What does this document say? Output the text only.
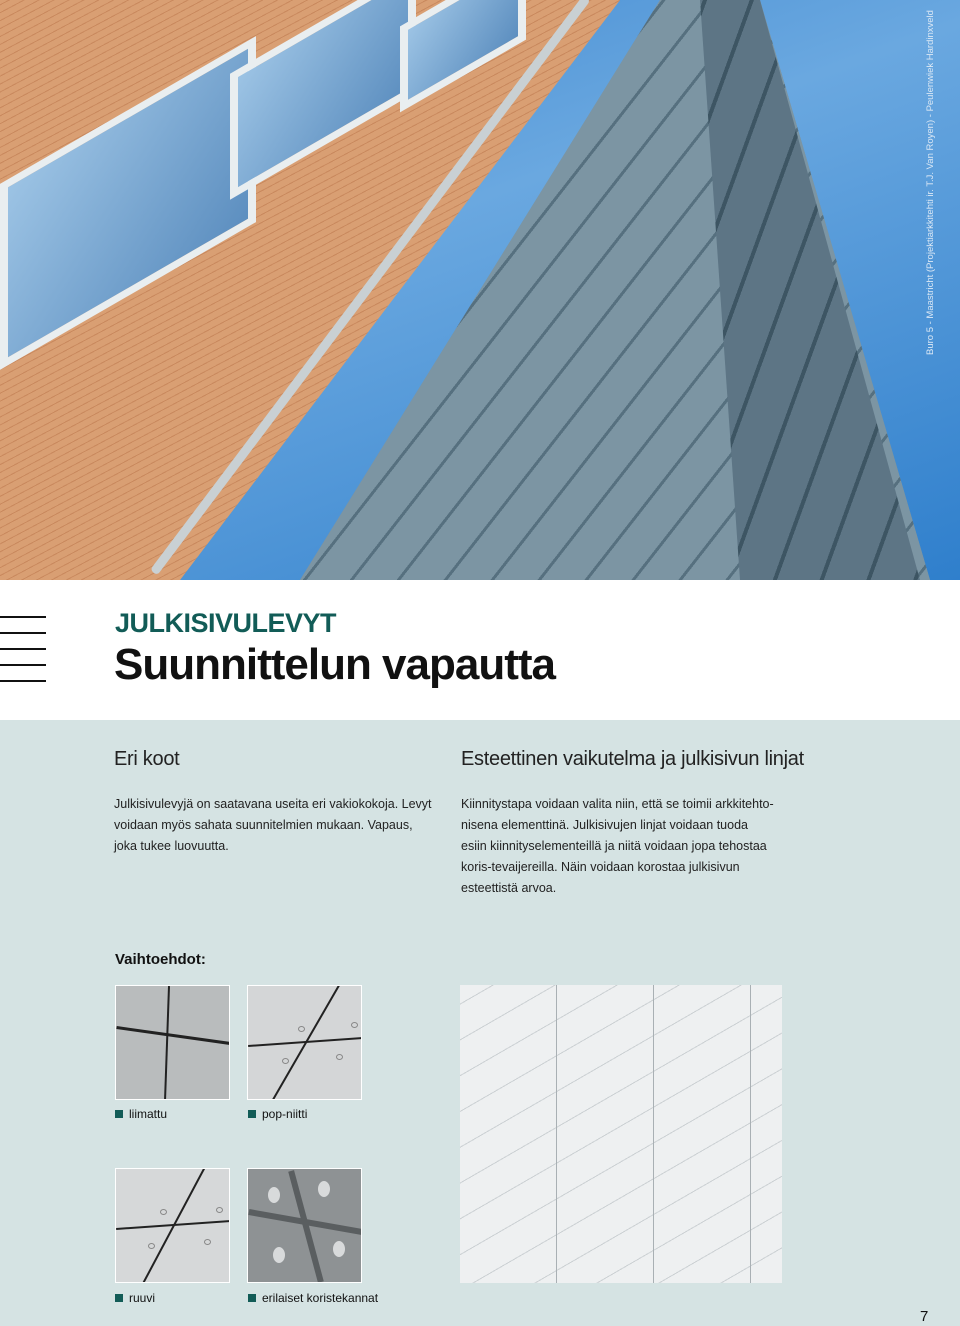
Buro 5 - Maastricht (Projektiarkkitehti ir. T.J. Van Royen) - Peulenwiek Hardinxveld
JULKISIVULEVYT
Suunnittelun vapautta
Eri koot
Julkisivulevyjä on saatavana useita eri vakiokokoja. Levyt voidaan myös sahata suunnitelmien mukaan. Vapaus, joka tukee luovuutta.
Esteettinen vaikutelma ja julkisivun linjat
Kiinnitystapa voidaan valita niin, että se toimii arkkitehto-nisena elementtinä. Julkisivujen linjat voidaan tuoda esiin kiinnityselementeillä ja niitä voidaan jopa tehostaa koris-tevaijereilla. Näin voidaan korostaa julkisivun esteettistä arvoa.
Vaihtoehdot:
liimattu	pop-niitti
ruuvi	erilaiset koristekannat
7
